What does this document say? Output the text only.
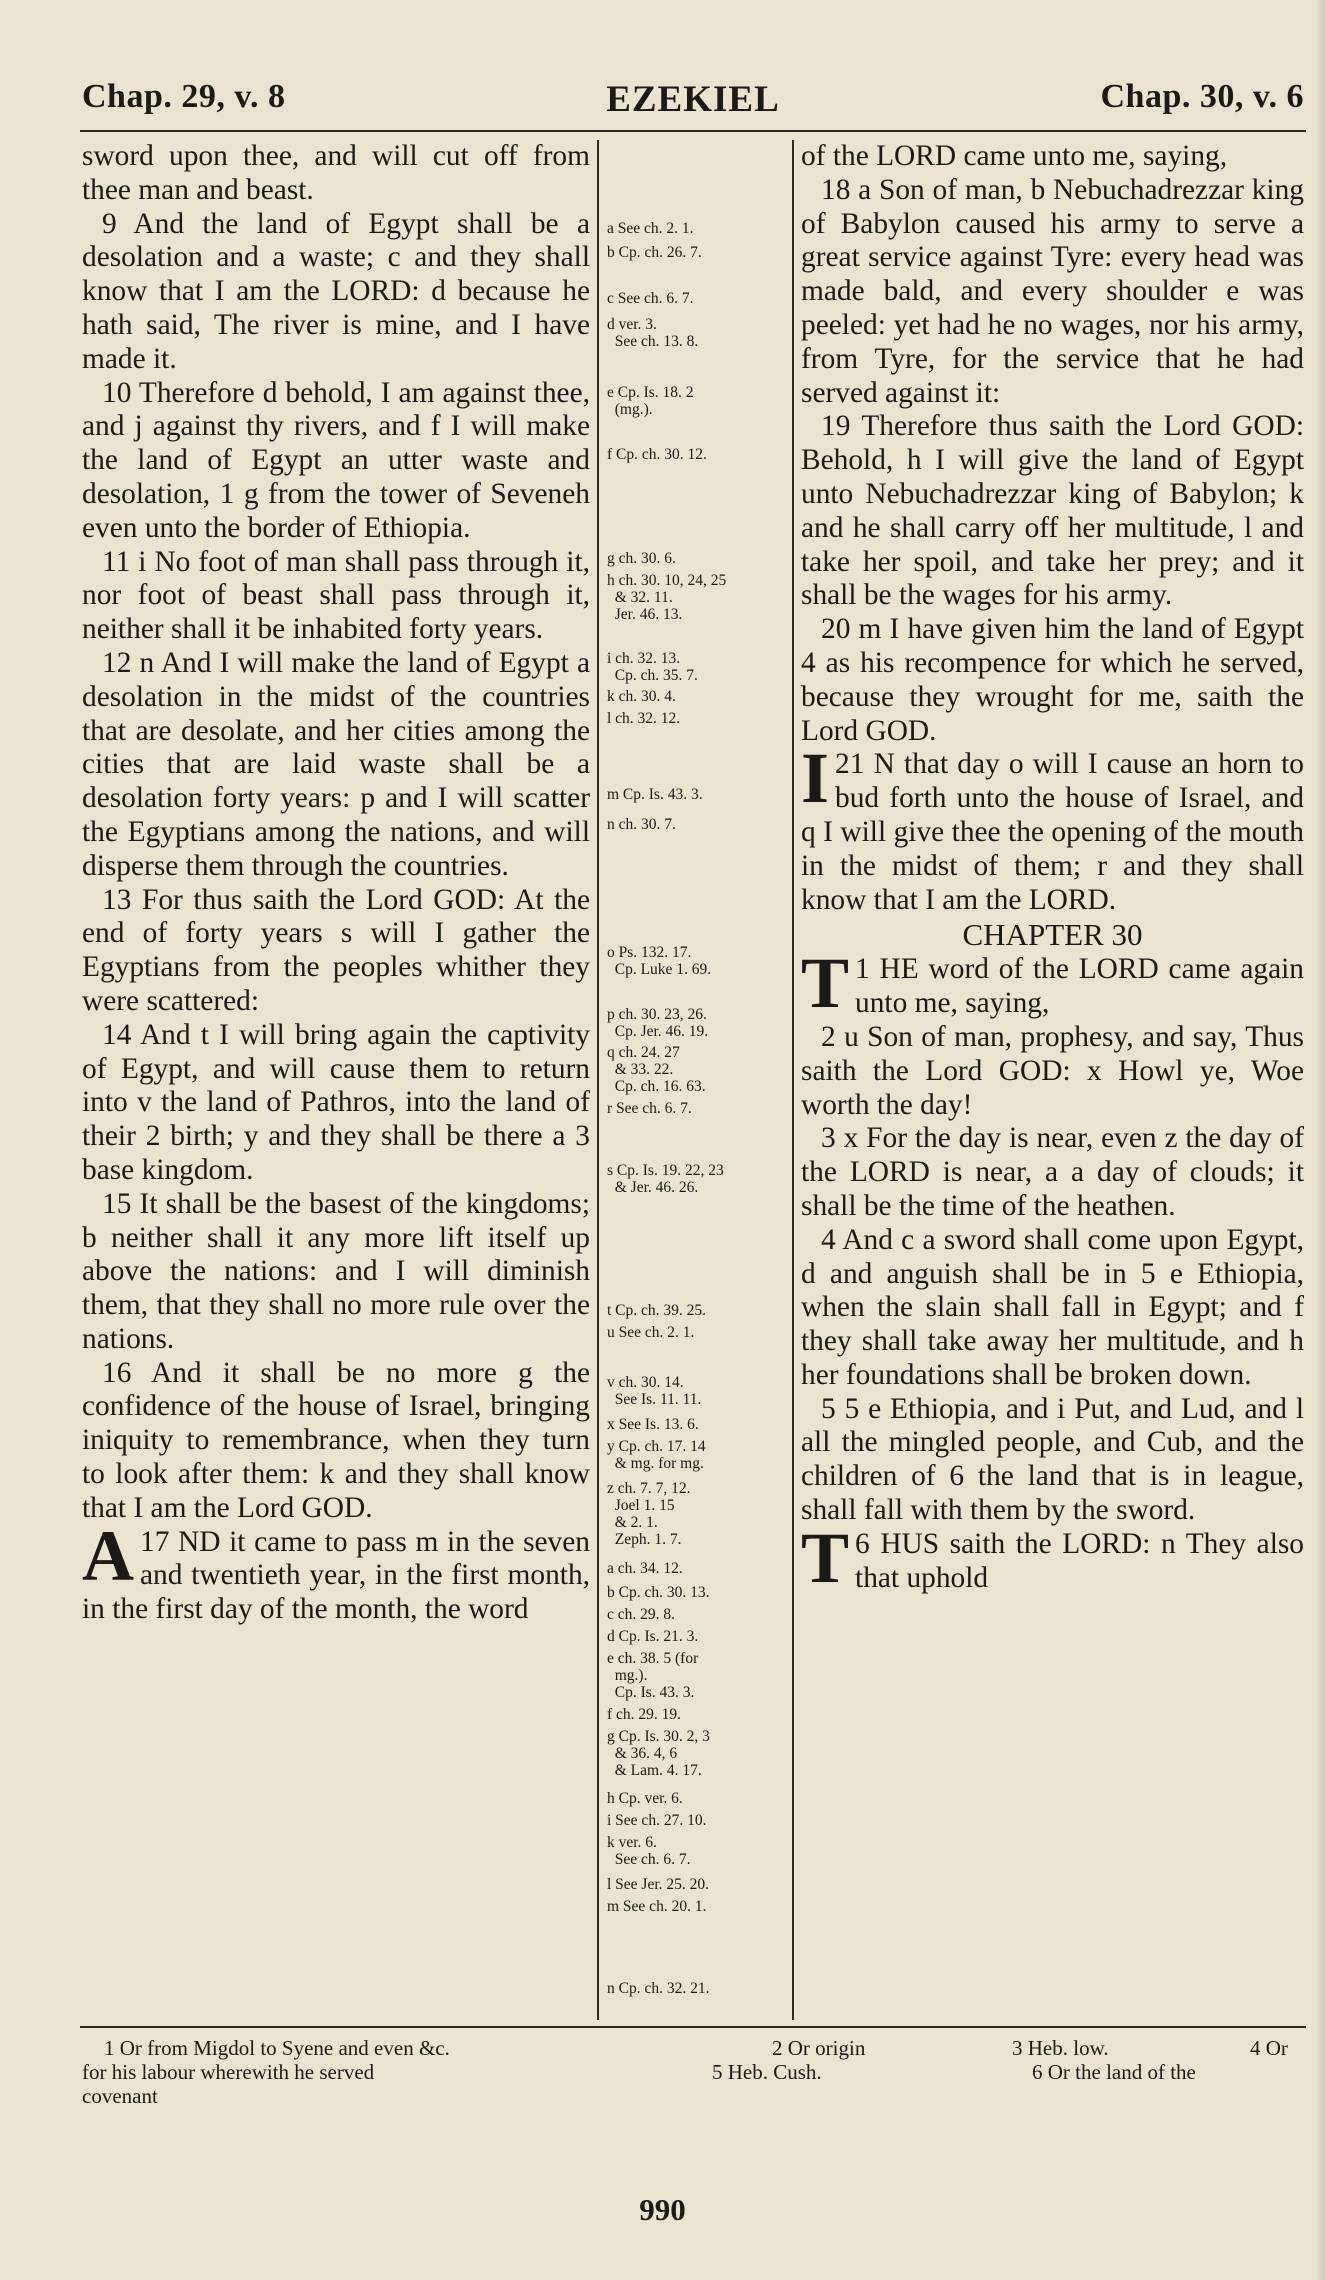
Chap. 29, v. 8	EZEKIEL	Chap. 30, v. 6

sword upon thee, and will cut off from thee man and beast.

9 And the land of Egypt shall be a desolation and a waste; c and they shall know that I am the LORD: d because he hath said, The river is mine, and I have made it.

10 Therefore d behold, I am against thee, and j against thy rivers, and f I will make the land of Egypt an utter waste and desolation, 1 g from the tower of Seveneh even unto the border of Ethiopia.

11 i No foot of man shall pass through it, nor foot of beast shall pass through it, neither shall it be inhabited forty years.

12 n And I will make the land of Egypt a desolation in the midst of the countries that are desolate, and her cities among the cities that are laid waste shall be a desolation forty years: p and I will scatter the Egyptians among the nations, and will disperse them through the countries.

13 For thus saith the Lord GOD: At the end of forty years s will I gather the Egyptians from the peoples whither they were scattered:

14 And t I will bring again the captivity of Egypt, and will cause them to return into v the land of Pathros, into the land of their 2 birth; y and they shall be there a 3 base kingdom.

15 It shall be the basest of the kingdoms; b neither shall it any more lift itself up above the nations: and I will diminish them, that they shall no more rule over the nations.

16 And it shall be no more g the confidence of the house of Israel, bringing iniquity to remembrance, when they turn to look after them: k and they shall know that I am the Lord GOD.

17
A ND it came to pass m in the seven and twentieth year, in the first month, in the first day of the month, the word

a See ch. 2. 1.
b Cp. ch. 26. 7.
c See ch. 6. 7.
d ver. 3.
See ch. 13. 8.
e Cp. Is. 18. 2
(mg.).
f Cp. ch. 30. 12.
g ch. 30. 6.
h ch. 30. 10, 24, 25
& 32. 11.
Jer. 46. 13.
i ch. 32. 13.
Cp. ch. 35. 7.
k ch. 30. 4.
l ch. 32. 12.
m Cp. Is. 43. 3.
n ch. 30. 7.
o Ps. 132. 17.
Cp. Luke 1. 69.
p ch. 30. 23, 26.
Cp. Jer. 46. 19.
q ch. 24. 27
& 33. 22.
Cp. ch. 16. 63.
r See ch. 6. 7.
s Cp. Is. 19. 22, 23
& Jer. 46. 26.
t Cp. ch. 39. 25.
u See ch. 2. 1.
v ch. 30. 14.
See Is. 11. 11.
x See Is. 13. 6.
y Cp. ch. 17. 14
& mg. for mg.
z ch. 7. 7, 12.
Joel 1. 15
& 2. 1.
Zeph. 1. 7.
a ch. 34. 12.
b Cp. ch. 30. 13.
c ch. 29. 8.
d Cp. Is. 21. 3.
e ch. 38. 5 (for
mg.).
Cp. Is. 43. 3.
f ch. 29. 19.
g Cp. Is. 30. 2, 3
& 36. 4, 6
& Lam. 4. 17.
h Cp. ver. 6.
i See ch. 27. 10.
k ver. 6.
See ch. 6. 7.
l See Jer. 25. 20.
m See ch. 20. 1.
n Cp. ch. 32. 21.

of the LORD came unto me, saying,

18 a Son of man, b Nebuchadrezzar king of Babylon caused his army to serve a great service against Tyre: every head was made bald, and every shoulder e was peeled: yet had he no wages, nor his army, from Tyre, for the service that he had served against it:

19 Therefore thus saith the Lord GOD: Behold, h I will give the land of Egypt unto Nebuchadrezzar king of Babylon; k and he shall carry off her multitude, l and take her spoil, and take her prey; and it shall be the wages for his army.

20 m I have given him the land of Egypt 4 as his recompence for which he served, because they wrought for me, saith the Lord GOD.

21
I N that day o will I cause an horn to bud forth unto the house of Israel, and q I will give thee the opening of the mouth in the midst of them; r and they shall know that I am the LORD.

CHAPTER 30

1
T HE word of the LORD came again unto me, saying,

2 u Son of man, prophesy, and say, Thus saith the Lord GOD: x Howl ye, Woe worth the day!

3 x For the day is near, even z the day of the LORD is near, a a day of clouds; it shall be the time of the heathen.

4 And c a sword shall come upon Egypt, d and anguish shall be in 5 e Ethiopia, when the slain shall fall in Egypt; and f they shall take away her multitude, and h her foundations shall be broken down.

5 5 e Ethiopia, and i Put, and Lud, and l all the mingled people, and Cub, and the children of 6 the land that is in league, shall fall with them by the sword.

6
T HUS saith the LORD: n They also that uphold

1 Or from Migdol to Syene and even &c.
for his labour wherewith he served
covenant
2 Or origin	3 Heb. low.	4 Or
5 Heb. Cush.	6 Or the land of the
990
